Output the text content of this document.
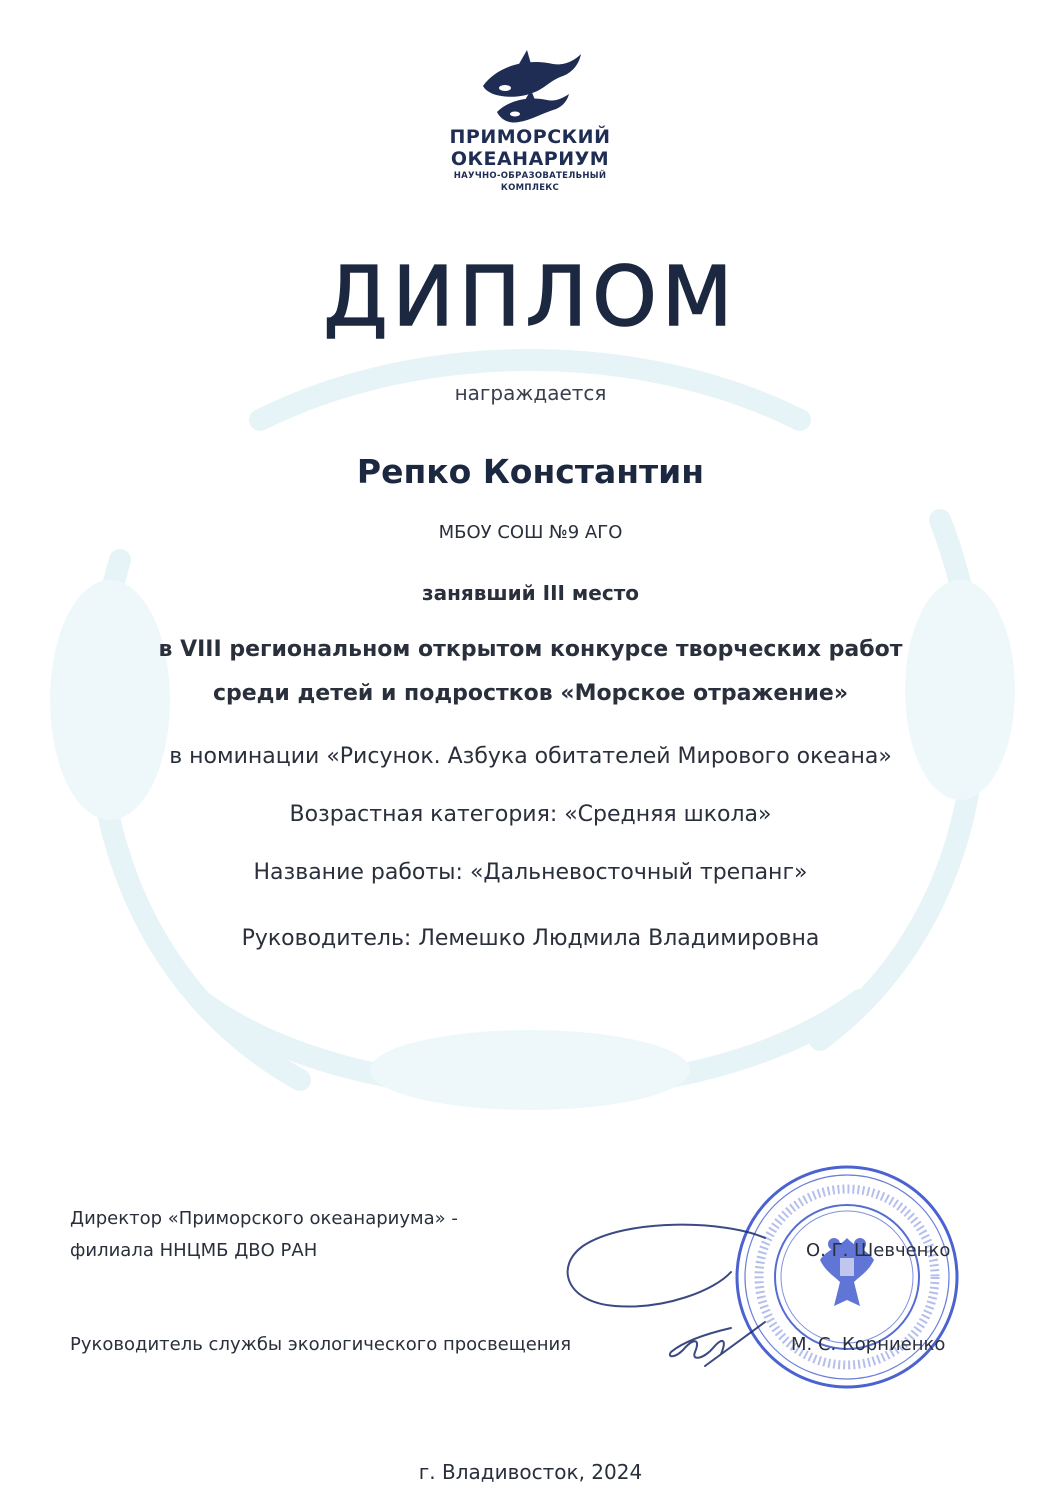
ПРИМОРСКИЙ
ОКЕАНАРИУМ
НАУЧНО-ОБРАЗОВАТЕЛЬНЫЙ
КОМПЛЕКС
ДИПЛОМ
награждается
Репко Константин
МБОУ СОШ №9 АГО
занявший III место
в VIII региональном открытом конкурсе творческих работ
среди детей и подростков «Морское отражение»
в номинации «Рисунок. Азбука обитателей Мирового океана»
Возрастная категория: «Средняя школа»
Название работы: «Дальневосточный трепанг»
Руководитель: Лемешко Людмила Владимировна
Директор «Приморского океанариума» -
филиала ННЦМБ ДВО РАН	О. Г. Шевченко
Руководитель службы экологического просвещения	М. С. Корниенко
г. Владивосток, 2024
